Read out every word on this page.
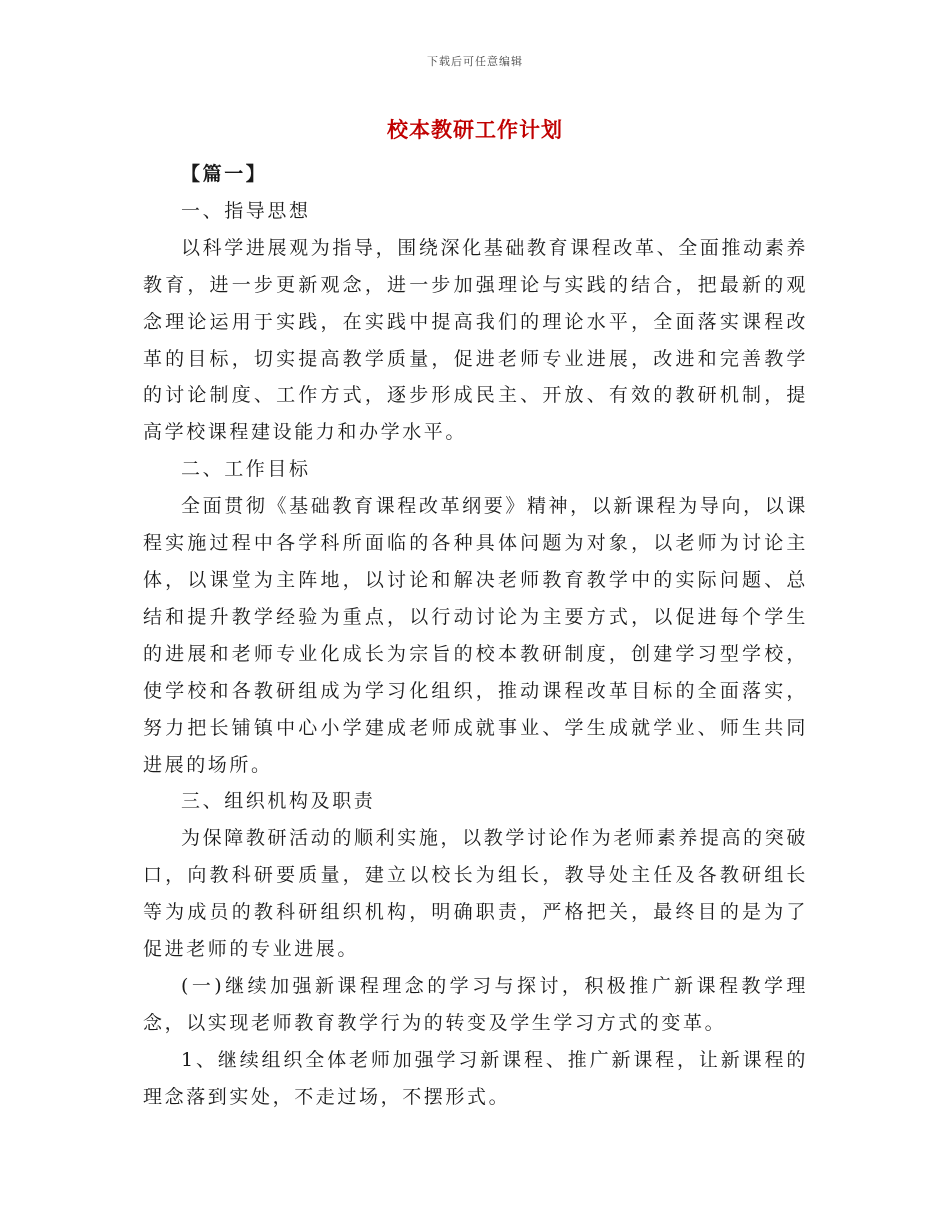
下载后可任意编辑
校本教研工作计划

【篇一】

一、指导思想

以科学进展观为指导，围绕深化基础教育课程改革、全面推动素养教育，进一步更新观念，进一步加强理论与实践的结合，把最新的观念理论运用于实践，在实践中提高我们的理论水平，全面落实课程改革的目标，切实提高教学质量，促进老师专业进展，改进和完善教学的讨论制度、工作方式，逐步形成民主、开放、有效的教研机制，提高学校课程建设能力和办学水平。

二、工作目标

全面贯彻《基础教育课程改革纲要》精神，以新课程为导向，以课程实施过程中各学科所面临的各种具体问题为对象，以老师为讨论主体，以课堂为主阵地，以讨论和解决老师教育教学中的实际问题、总结和提升教学经验为重点，以行动讨论为主要方式，以促进每个学生的进展和老师专业化成长为宗旨的校本教研制度，创建学习型学校，使学校和各教研组成为学习化组织，推动课程改革目标的全面落实，努力把长铺镇中心小学建成老师成就事业、学生成就学业、师生共同进展的场所。

三、组织机构及职责

为保障教研活动的顺利实施，以教学讨论作为老师素养提高的突破口，向教科研要质量，建立以校长为组长，教导处主任及各教研组长等为成员的教科研组织机构，明确职责，严格把关，最终目的是为了促进老师的专业进展。

(一)继续加强新课程理念的学习与探讨，积极推广新课程教学理念，以实现老师教育教学行为的转变及学生学习方式的变革。

1、继续组织全体老师加强学习新课程、推广新课程，让新课程的理念落到实处，不走过场，不摆形式。
